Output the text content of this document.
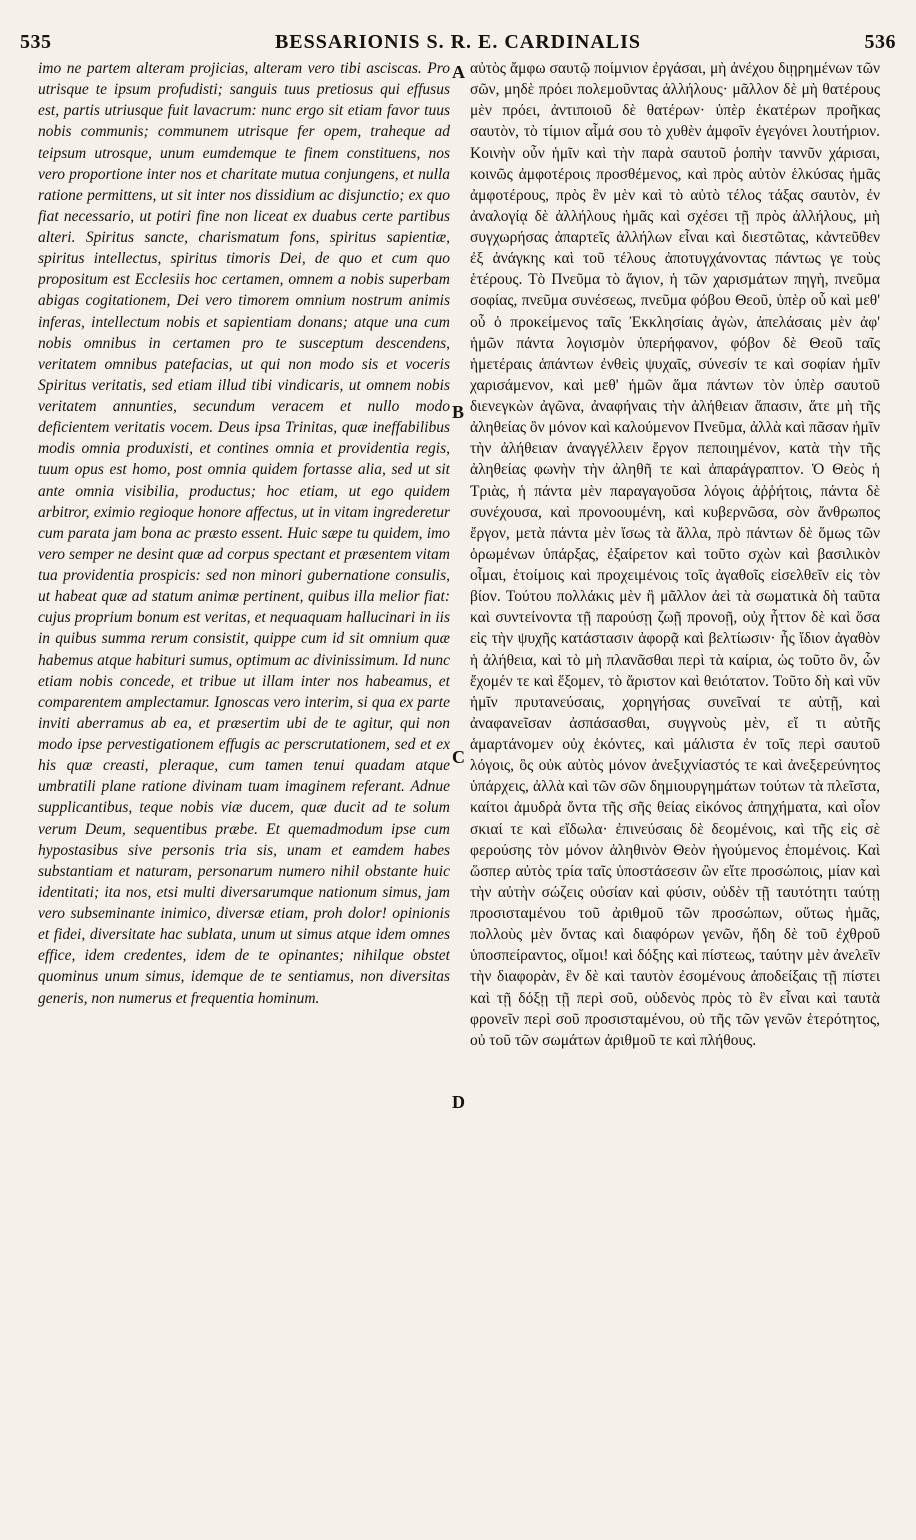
535	BESSARIONIS S. R. E. CARDINALIS	536

imo ne partem alteram projicias, alteram vero tibi asciscas. Pro utrisque te ipsum profudisti; sanguis tuus pretiosus qui effusus est, partis utriusque fuit lavacrum: nunc ergo sit etiam favor tuus nobis communis; communem utrisque fer opem, traheque ad teipsum utrosque, unum eumdemque te finem constituens, nos vero proportione inter nos et charitate mutua conjungens, et nulla ratione permittens, ut sit inter nos dissidium ac disjunctio; ex quo fiat necessario, ut potiri fine non liceat ex duabus certe partibus alteri. Spiritus sancte, charismatum fons, spiritus sapientiæ, spiritus intellectus, spiritus timoris Dei, de quo et cum quo propositum est Ecclesiis hoc certamen, omnem a nobis superbam abigas cogitationem, Dei vero timorem omnium nostrum animis inferas, intellectum nobis et sapientiam donans; atque una cum nobis omnibus in certamen pro te susceptum descendens, veritatem omnibus patefacias, ut qui non modo sis et voceris Spiritus veritatis, sed etiam illud tibi vindicaris, ut omnem nobis veritatem annunties, secundum veracem et nullo modo deficientem veritatis vocem. Deus ipsa Trinitas, quæ ineffabilibus modis omnia produxisti, et contines omnia et providentia regis, tuum opus est homo, post omnia quidem fortasse alia, sed ut sit ante omnia visibilia, productus; hoc etiam, ut ego quidem arbitror, eximio regioque honore affectus, ut in vitam ingrederetur cum parata jam bona ac præsto essent. Huic sæpe tu quidem, imo vero semper ne desint quæ ad corpus spectant et præsentem vitam tua providentia prospicis: sed non minori gubernatione consulis, ut habeat quæ ad statum animæ pertinent, quibus illa melior fiat: cujus proprium bonum est veritas, et nequaquam hallucinari in iis in quibus summa rerum consistit, quippe cum id sit omnium quæ habemus atque habituri sumus, optimum ac divinissimum. Id nunc etiam nobis concede, et tribue ut illam inter nos habeamus, et comparentem amplectamur. Ignoscas vero interim, si qua ex parte inviti aberramus ab ea, et præsertim ubi de te agitur, qui non modo ipse pervestigationem effugis ac perscrutationem, sed et ex his quæ creasti, pleraque, cum tamen tenui quadam atque umbratili plane ratione divinam tuam imaginem referant. Adnue supplicantibus, teque nobis viæ ducem, quæ ducit ad te solum verum Deum, sequentibus præbe. Et quemadmodum ipse cum hypostasibus sive personis tria sis, unam et eamdem habes substantiam et naturam, personarum numero nihil obstante huic identitati; ita nos, etsi multi diversarumque nationum simus, jam vero subseminante inimico, diversæ etiam, proh dolor! opinionis et fidei, diversitate hac sublata, unum ut simus atque idem omnes effice, idem credentes, idem de te opinantes; nihilque obstet quominus unum simus, idemque de te sentiamus, non diversitas generis, non numerus et frequentia hominum.

A
B
C
D

αὐτὸς ἄμφω σαυτῷ ποίμνιον ἐργάσαι, μὴ ἀνέχου διῃρημένων τῶν σῶν, μηδὲ πρόει πολεμοῦντας ἀλλήλους· μᾶλλον δὲ μὴ θατέρους μὲν πρόει, ἀντιποιοῦ δὲ θατέρων· ὑπὲρ ἑκατέρων προῆκας σαυτὸν, τὸ τίμιον αἷμά σου τὸ χυθὲν ἀμφοῖν ἐγεγόνει λουτήριον. Κοινὴν οὖν ἡμῖν καὶ τὴν παρὰ σαυτοῦ ῥοπὴν ταννῦν χάρισαι, κοινῶς ἀμφοτέροις προσθέμενος, καὶ πρὸς αὐτὸν ἑλκύσας ἡμᾶς ἀμφοτέρους, πρὸς ἓν μὲν καὶ τὸ αὐτὸ τέλος τάξας σαυτὸν, ἐν ἀναλογίᾳ δὲ ἀλλήλους ἡμᾶς καὶ σχέσει τῇ πρὸς ἀλλήλους, μὴ συγχωρήσας ἀπαρτεῖς ἀλλήλων εἶναι καὶ διεστῶτας, κἀντεῦθεν ἐξ ἀνάγκης καὶ τοῦ τέλους ἀποτυγχάνοντας πάντως γε τοὺς ἑτέρους. Τὸ Πνεῦμα τὸ ἅγιον, ἡ τῶν χαρισμάτων πηγὴ, πνεῦμα σοφίας, πνεῦμα συνέσεως, πνεῦμα φόβου Θεοῦ, ὑπὲρ οὗ καὶ μεθ' οὗ ὁ προκείμενος ταῖς Ἐκκλησίαις ἀγὼν, ἀπελάσαις μὲν ἀφ' ἡμῶν πάντα λογισμὸν ὑπερήφανον, φόβον δὲ Θεοῦ ταῖς ἡμετέραις ἁπάντων ἐνθεὶς ψυχαῖς, σύνεσίν τε καὶ σοφίαν ἡμῖν χαρισάμενον, καὶ μεθ' ἡμῶν ἅμα πάντων τὸν ὑπὲρ σαυτοῦ διενεγκὼν ἀγῶνα, ἀναφήναις τὴν ἀλήθειαν ἅπασιν, ἅτε μὴ τῆς ἀληθείας ὂν μόνον καὶ καλούμενον Πνεῦμα, ἀλλὰ καὶ πᾶσαν ἡμῖν τὴν ἀλήθειαν ἀναγγέλλειν ἔργον πεποιημένον, κατὰ τὴν τῆς ἀληθείας φωνὴν τὴν ἀληθῆ τε καὶ ἀπαράγραπτον. Ὁ Θεὸς ἡ Τριὰς, ἡ πάντα μὲν παραγαγοῦσα λόγοις ἀῤῥήτοις, πάντα δὲ συνέχουσα, καὶ προνοουμένη, καὶ κυβερνῶσα, σὸν ἄνθρωπος ἔργον, μετὰ πάντα μὲν ἴσως τὰ ἄλλα, πρὸ πάντων δὲ ὅμως τῶν ὁρωμένων ὑπάρξας, ἐξαίρετον καὶ τοῦτο σχὼν καὶ βασιλικὸν οἶμαι, ἑτοίμοις καὶ προχειμένοις τοῖς ἀγαθοῖς εἰσελθεῖν εἰς τὸν βίον. Τούτου πολλάκις μὲν ἢ μᾶλλον ἀεὶ τὰ σωματικὰ δὴ ταῦτα καὶ συντείνοντα τῇ παρούσῃ ζωῇ προνοῇ, οὐχ ἧττον δὲ καὶ ὅσα εἰς τὴν ψυχῆς κατάστασιν ἀφορᾷ καὶ βελτίωσιν· ἧς ἴδιον ἀγαθὸν ἡ ἀλήθεια, καὶ τὸ μὴ πλανᾶσθαι περὶ τὰ καίρια, ὡς τοῦτο ὂν, ὧν ἔχομέν τε καὶ ἕξομεν, τὸ ἄριστον καὶ θειότατον. Τοῦτο δὴ καὶ νῦν ἡμῖν πρυτανεύσαις, χορηγήσας συνεῖναί τε αὐτῇ, καὶ ἀναφανεῖσαν ἀσπάσασθαι, συγγνοὺς μὲν, εἴ τι αὐτῆς ἁμαρτάνομεν οὐχ ἑκόντες, καὶ μάλιστα ἐν τοῖς περὶ σαυτοῦ λόγοις, ὃς οὐκ αὐτὸς μόνον ἀνεξιχνίαστός τε καὶ ἀνεξερεύνητος ὑπάρχεις, ἀλλὰ καὶ τῶν σῶν δημιουργημάτων τούτων τὰ πλεῖστα, καίτοι ἀμυδρὰ ὄντα τῆς σῆς θείας εἰκόνος ἀπηχήματα, καὶ οἷον σκιαί τε καὶ εἴδωλα· ἐπινεύσαις δὲ δεομένοις, καὶ τῆς εἰς σὲ φερούσης τὸν μόνον ἀληθινὸν Θεὸν ἡγούμενος ἑπομένοις. Καὶ ὥσπερ αὐτὸς τρία ταῖς ὑποστάσεσιν ὢν εἴτε προσώποις, μίαν καὶ τὴν αὐτὴν σώζεις οὐσίαν καὶ φύσιν, οὐδὲν τῇ ταυτότητι ταύτῃ προσισταμένου τοῦ ἀριθμοῦ τῶν προσώπων, οὕτως ἡμᾶς, πολλοὺς μὲν ὄντας καὶ διαφόρων γενῶν, ἤδη δὲ τοῦ ἐχθροῦ ὑποσπείραντος, οἴμοι! καὶ δόξης καὶ πίστεως, ταύτην μὲν ἀνελεῖν τὴν διαφορὰν, ἓν δὲ καὶ ταυτὸν ἐσομένους ἀποδείξαις τῇ πίστει καὶ τῇ δόξῃ τῇ περὶ σοῦ, οὐδενὸς πρὸς τὸ ἓν εἶναι καὶ ταυτὰ φρονεῖν περὶ σοῦ προσισταμένου, οὐ τῆς τῶν γενῶν ἑτερότητος, οὐ τοῦ τῶν σωμάτων ἀριθμοῦ τε καὶ πλήθους.
